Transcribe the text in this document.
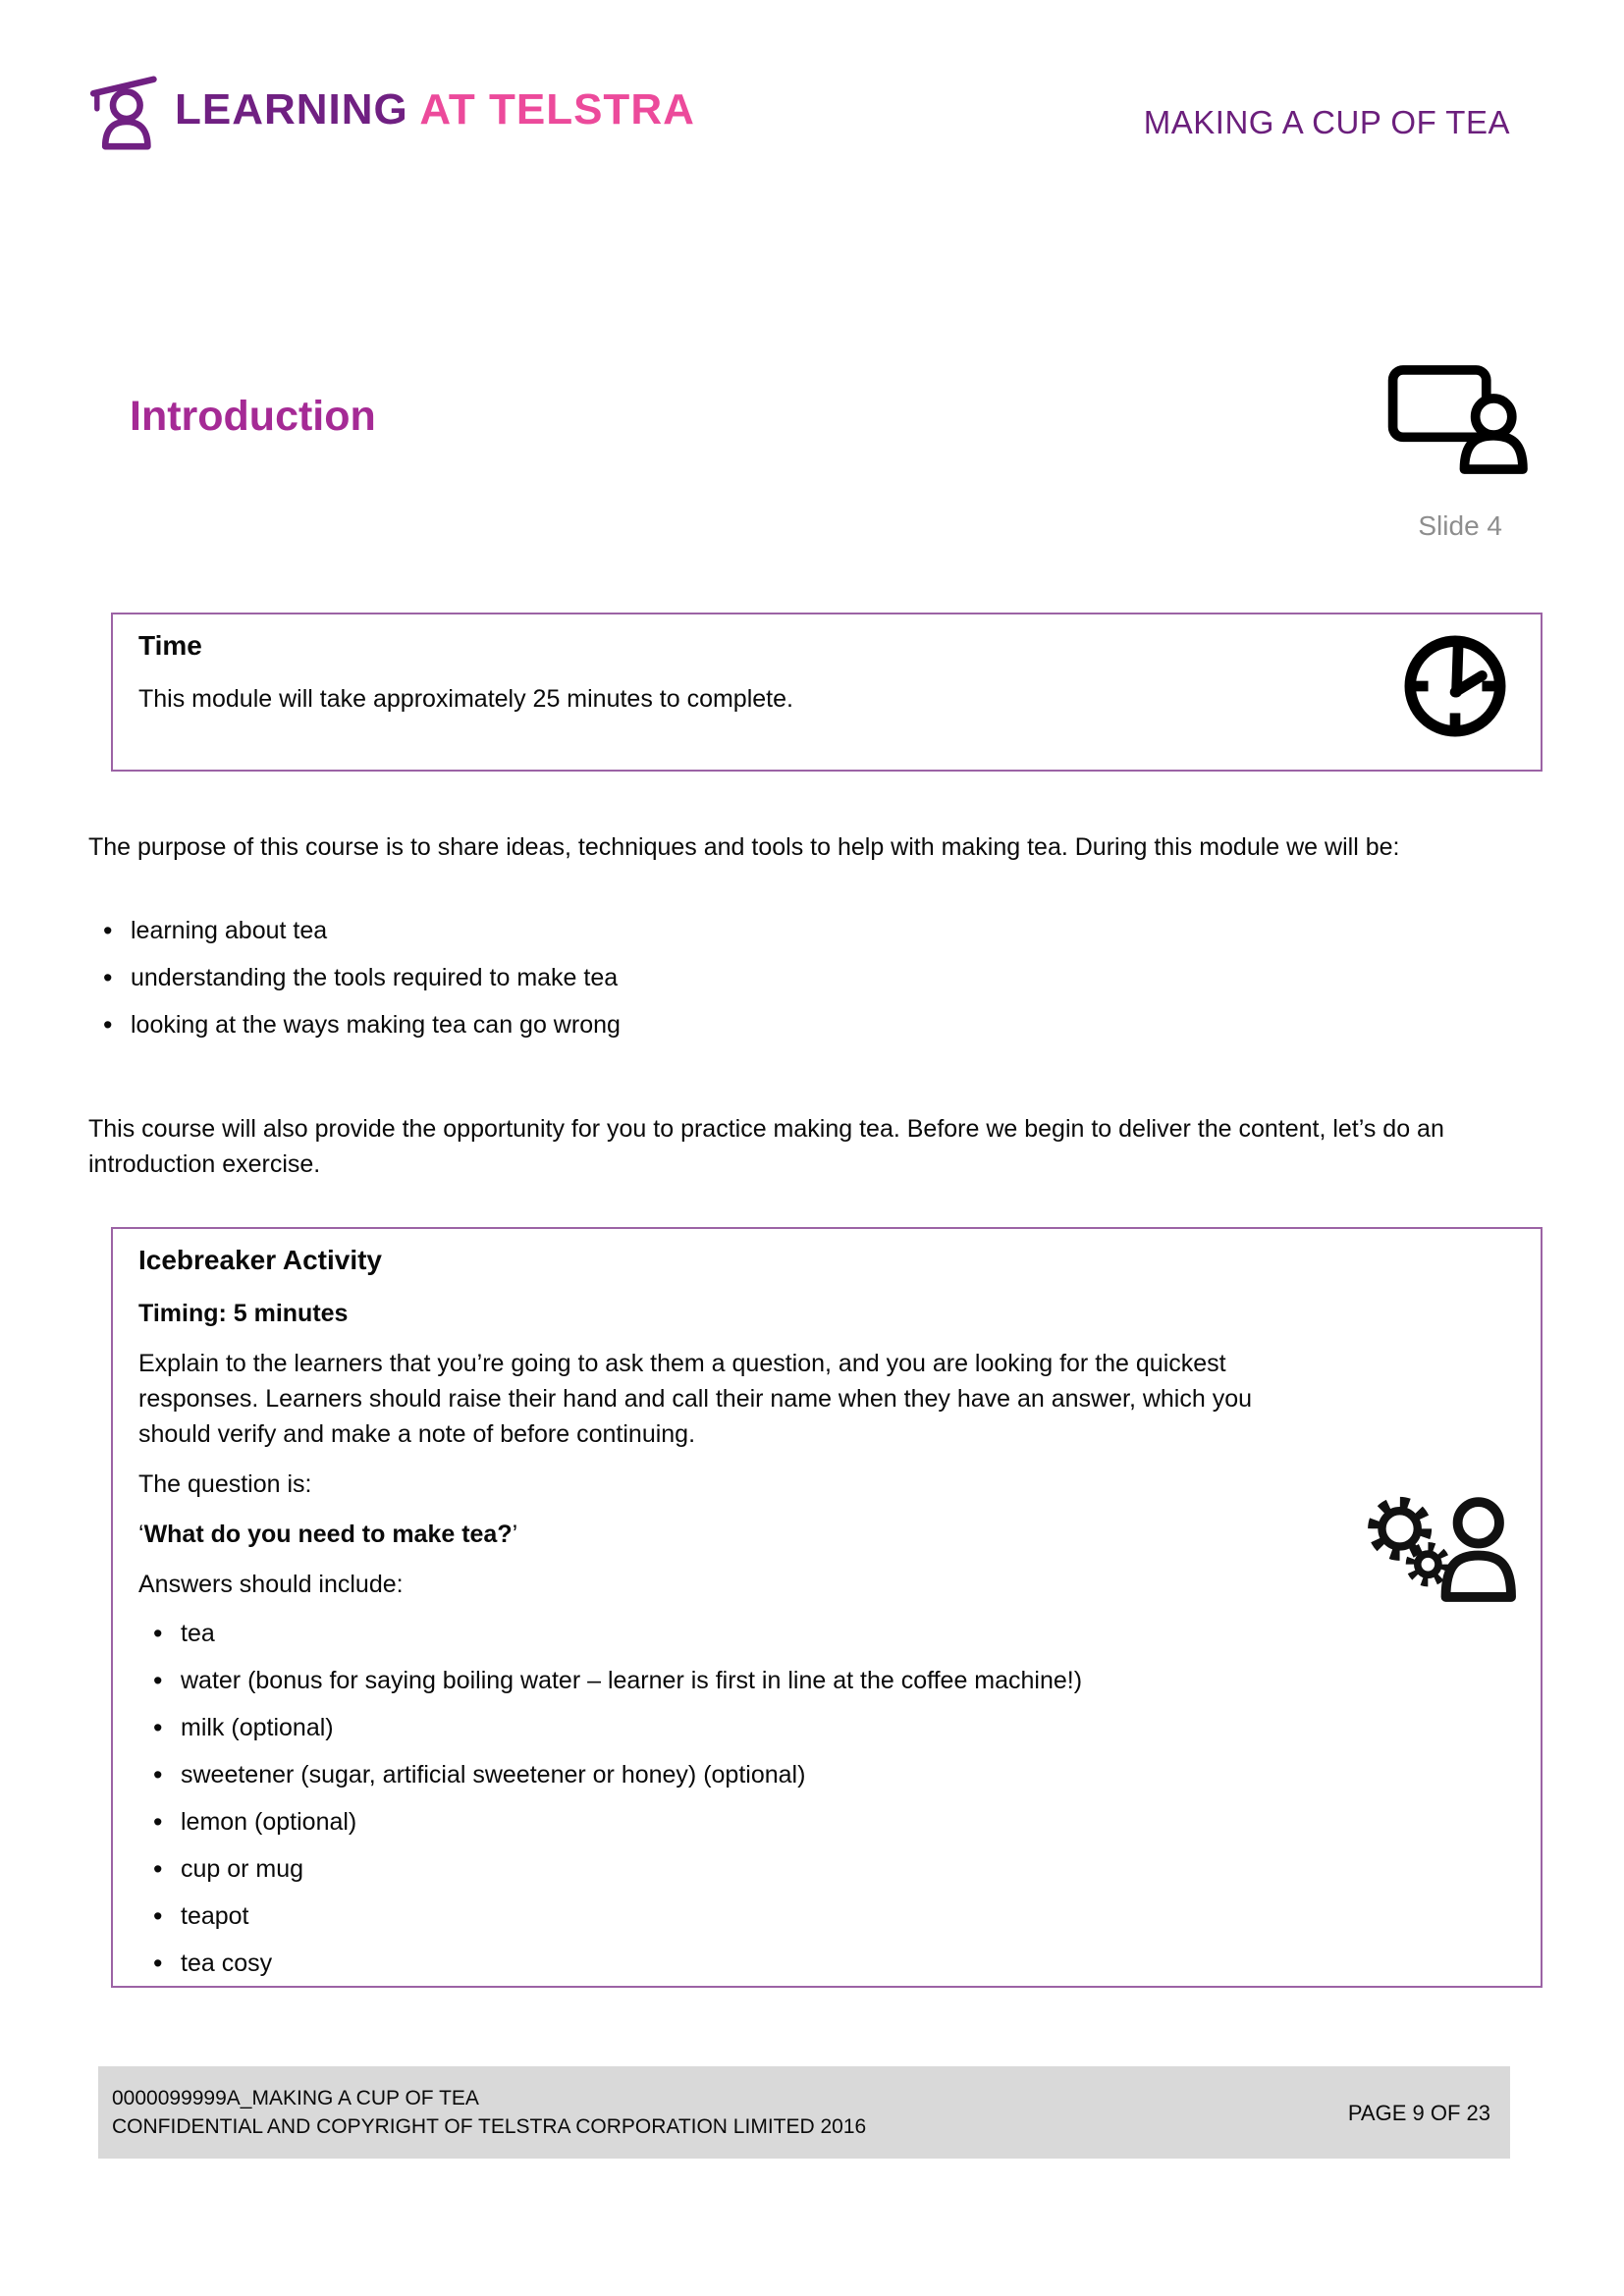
LEARNING AT TELSTRA	MAKING A CUP OF TEA
Introduction
Slide 4
Time

This module will take approximately 25 minutes to complete.

The purpose of this course is to share ideas, techniques and tools to help with making tea. During this module we will be:

• learning about tea
• understanding the tools required to make tea
• looking at the ways making tea can go wrong

This course will also provide the opportunity for you to practice making tea. Before we begin to deliver the content, let’s do an introduction exercise.

Icebreaker Activity

Timing: 5 minutes

Explain to the learners that you’re going to ask them a question, and you are looking for the quickest responses. Learners should raise their hand and call their name when they have an answer, which you should verify and make a note of before continuing.

The question is:

‘What do you need to make tea?’

Answers should include:

• tea
• water (bonus for saying boiling water – learner is first in line at the coffee machine!)
• milk (optional)
• sweetener (sugar, artificial sweetener or honey) (optional)
• lemon (optional)
• cup or mug
• teapot
• tea cosy
0000099999A_MAKING A CUP OF TEA
CONFIDENTIAL AND COPYRIGHT OF TELSTRA CORPORATION LIMITED 2016
PAGE 9 OF 23
